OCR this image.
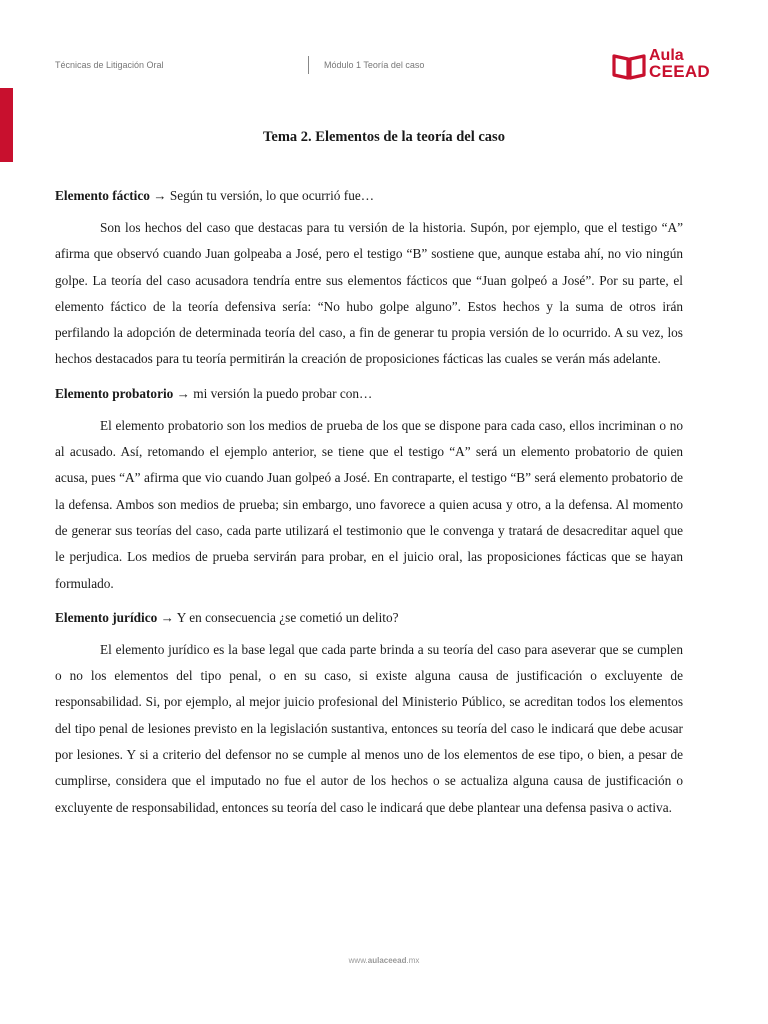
Técnicas de Litigación Oral	Módulo 1 Teoría del caso
Aula
CEEAD
Tema 2. Elementos de la teoría del caso

Elemento fáctico → Según tu versión, lo que ocurrió fue…

Son los hechos del caso que destacas para tu versión de la historia. Supón, por ejemplo, que el testigo “A” afirma que observó cuando Juan golpeaba a José, pero el testigo “B” sostiene que, aunque estaba ahí, no vio ningún golpe. La teoría del caso acusadora tendría entre sus elementos fácticos que “Juan golpeó a José”. Por su parte, el elemento fáctico de la teoría defensiva sería: “No hubo golpe alguno”. Estos hechos y la suma de otros irán perfilando la adopción de determinada teoría del caso, a fin de generar tu propia versión de lo ocurrido. A su vez, los hechos destacados para tu teoría permitirán la creación de proposiciones fácticas las cuales se verán más adelante.

Elemento probatorio → mi versión la puedo probar con…

El elemento probatorio son los medios de prueba de los que se dispone para cada caso, ellos incriminan o no al acusado. Así, retomando el ejemplo anterior, se tiene que el testigo “A” será un elemento probatorio de quien acusa, pues “A” afirma que vio cuando Juan golpeó a José. En contraparte, el testigo “B” será elemento probatorio de la defensa. Ambos son medios de prueba; sin embargo, uno favorece a quien acusa y otro, a la defensa. Al momento de generar sus teorías del caso, cada parte utilizará el testimonio que le convenga y tratará de desacreditar aquel que le perjudica. Los medios de prueba servirán para probar, en el juicio oral, las proposiciones fácticas que se hayan formulado.

Elemento jurídico → Y en consecuencia ¿se cometió un delito?

El elemento jurídico es la base legal que cada parte brinda a su teoría del caso para aseverar que se cumplen o no los elementos del tipo penal, o en su caso, si existe alguna causa de justificación o excluyente de responsabilidad. Si, por ejemplo, al mejor juicio profesional del Ministerio Público, se acreditan todos los elementos del tipo penal de lesiones previsto en la legislación sustantiva, entonces su teoría del caso le indicará que debe acusar por lesiones. Y si a criterio del defensor no se cumple al menos uno de los elementos de ese tipo, o bien, a pesar de cumplirse, considera que el imputado no fue el autor de los hechos o se actualiza alguna causa de justificación o excluyente de responsabilidad, entonces su teoría del caso le indicará que debe plantear una defensa pasiva o activa.

www.aulaceead.mx
